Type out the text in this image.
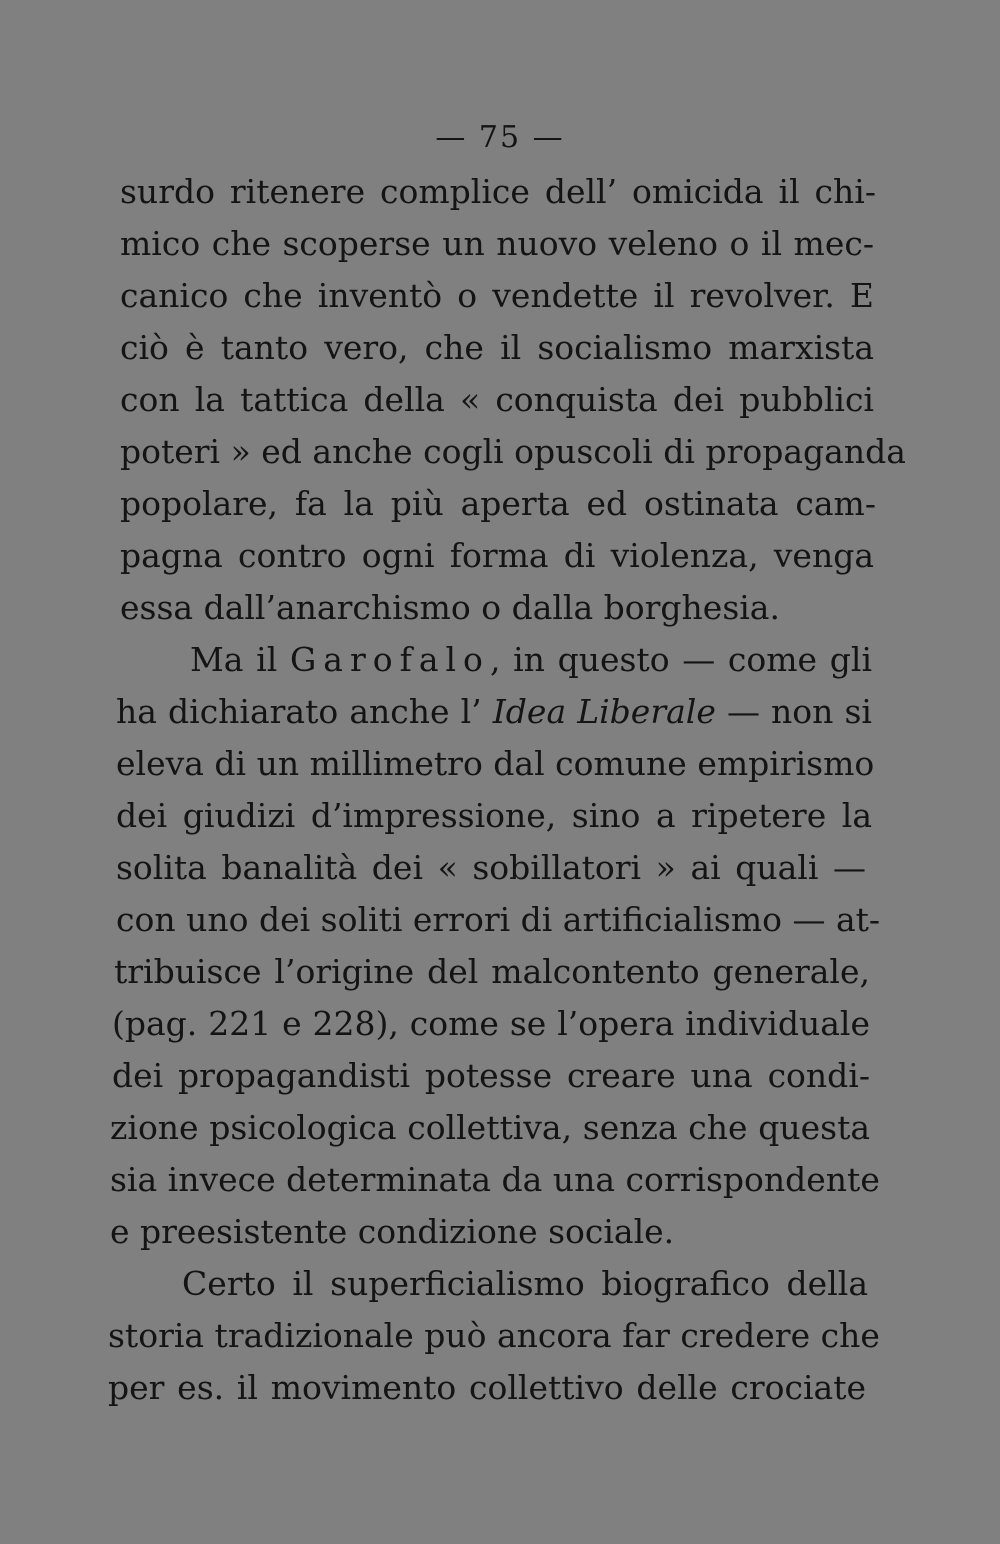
— 75 —
surdo ritenere complice dell’ omicida il chi-
mico che scoperse un nuovo veleno o il mec-
canico che inventò o vendette il revolver. E
ciò è tanto vero, che il socialismo marxista
con la tattica della « conquista dei pubblici
poteri » ed anche cogli opuscoli di propaganda
popolare, fa la più aperta ed ostinata cam-
pagna contro ogni forma di violenza, venga
essa dall’anarchismo o dalla borghesia.
Ma il Garofalo, in questo — come gli
ha dichiarato anche l’ Idea Liberale — non si
eleva di un millimetro dal comune empirismo
dei giudizi d’impressione, sino a ripetere la
solita banalità dei « sobillatori » ai quali —
con uno dei soliti errori di artificialismo — at-
tribuisce l’origine del malcontento generale,
(pag. 221 e 228), come se l’opera individuale
dei propagandisti potesse creare una condi-
zione psicologica collettiva, senza che questa
sia invece determinata da una corrispondente
e preesistente condizione sociale.
Certo il superficialismo biografico della
storia tradizionale può ancora far credere che
per es. il movimento collettivo delle crociate
